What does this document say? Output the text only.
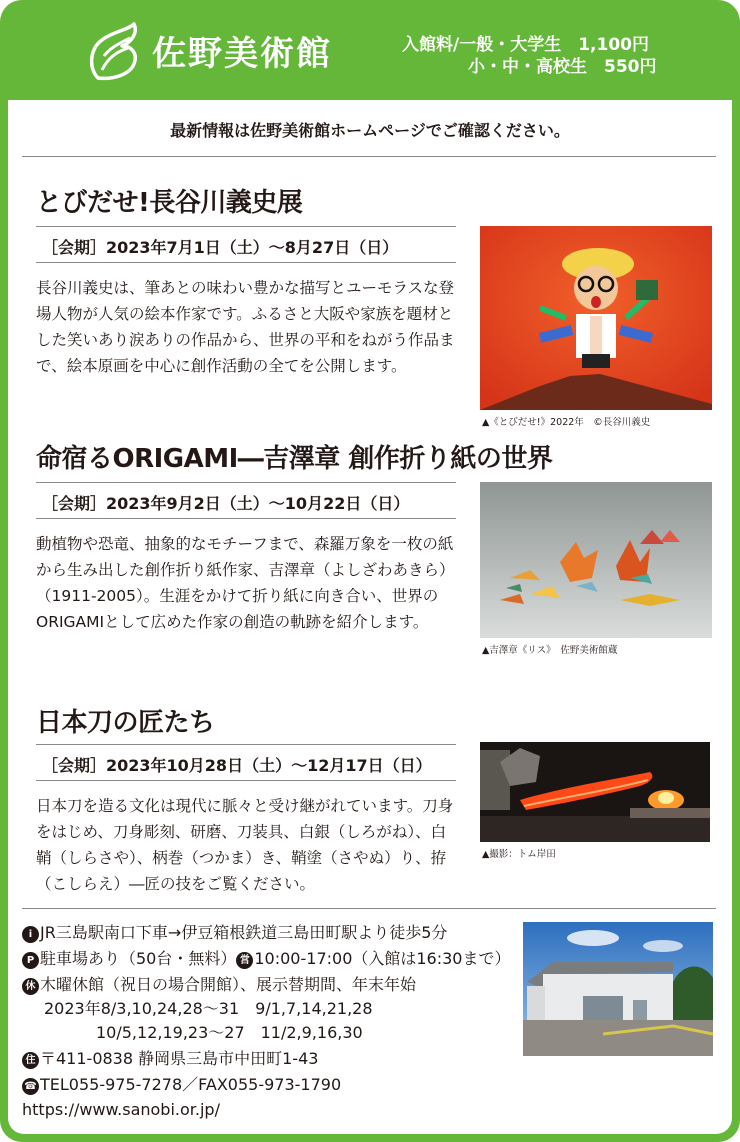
佐野美術館	入館料/一般・大学生　1,100円
小・中・高校生　550円
最新情報は佐野美術館ホームページでご確認ください。
とびだせ!長谷川義史展
［会期］2023年7月1日（土）～8月27日（日）
長谷川義史は、筆あとの味わい豊かな描写とユーモラスな登場人物が人気の絵本作家です。ふるさと大阪や家族を題材とした笑いあり涙ありの作品から、世界の平和をねがう作品まで、絵本原画を中心に創作活動の全てを公開します。
▲《とびだせ!》2022年　©長谷川義史
命宿るORIGAMI―吉澤章 創作折り紙の世界
［会期］2023年9月2日（土）～10月22日（日）
動植物や恐竜、抽象的なモチーフまで、森羅万象を一枚の紙から生み出した創作折り紙作家、吉澤章（よしざわあきら）（1911-2005）。生涯をかけて折り紙に向き合い、世界のORIGAMIとして広めた作家の創造の軌跡を紹介します。
▲吉澤章《リス》　佐野美術館蔵
日本刀の匠たち
［会期］2023年10月28日（土）～12月17日（日）
日本刀を造る文化は現代に脈々と受け継がれています。刀身をはじめ、刀身彫刻、研磨、刀装具、白銀（しろがね）、白鞘（しらさや）、柄巻（つかま）き、鞘塗（さやぬ）り、拵（こしらえ）―匠の技をご覧ください。
▲撮影：トム岸田
i JR三島駅南口下車→伊豆箱根鉄道三島田町駅より徒歩5分
P 駐車場あり（50台・無料） 営 10:00-17:00（入館は16:30まで）
休 木曜休館（祝日の場合開館）、展示替期間、年末年始
2023年8/3,10,24,28～31　9/1,7,14,21,28
10/5,12,19,23～27　11/2,9,16,30
住 〒411-0838 静岡県三島市中田町1-43
☎ TEL055-975-7278／FAX055-973-1790
https://www.sanobi.or.jp/
